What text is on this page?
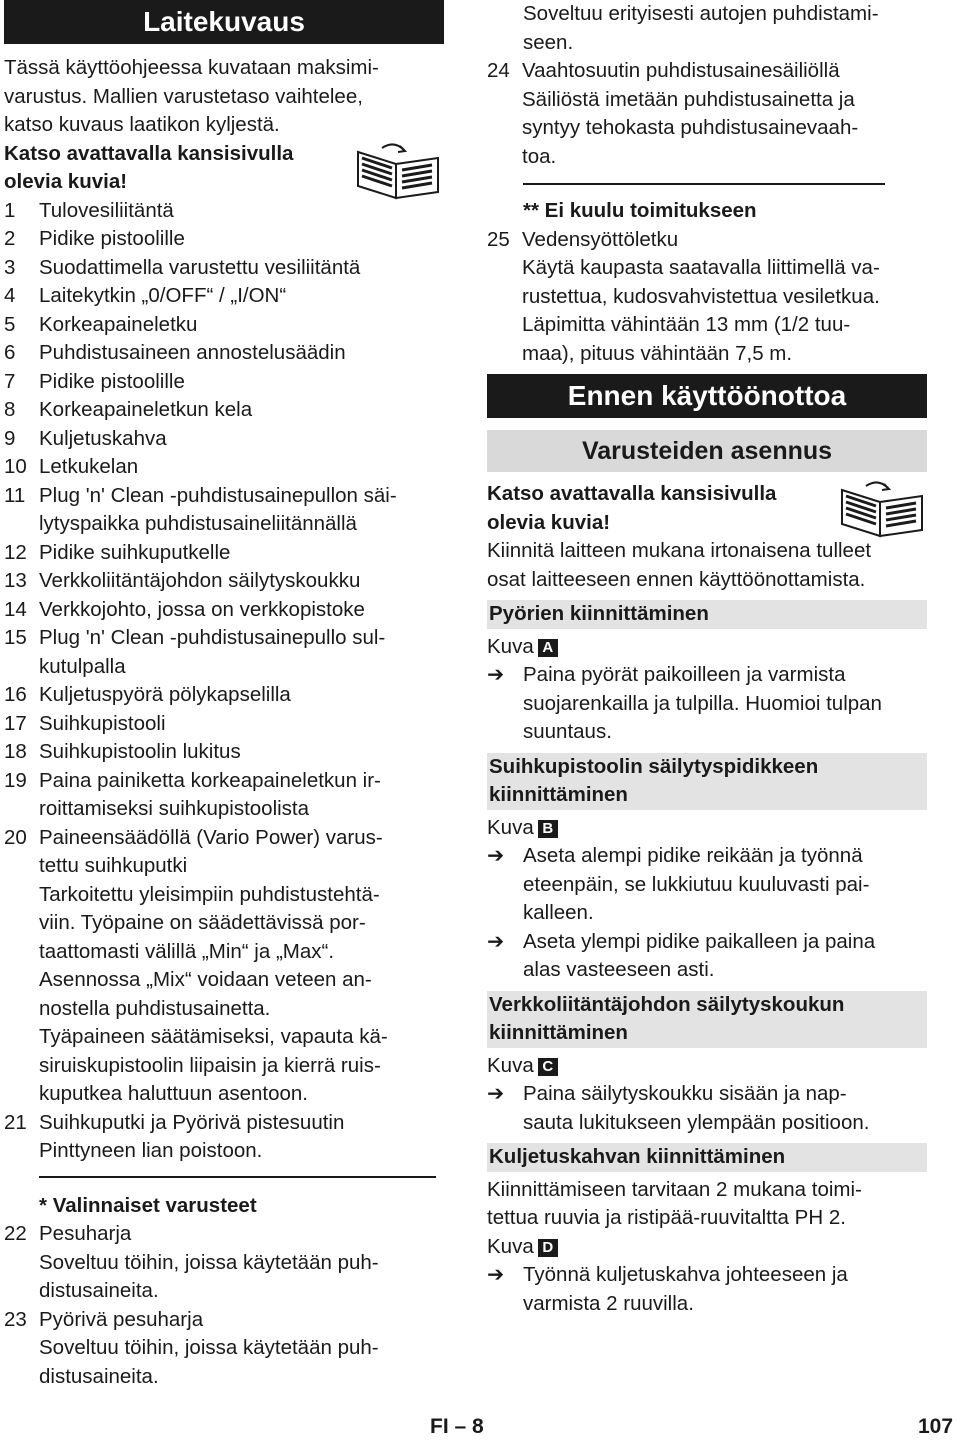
Laitekuvaus

Tässä käyttöohjeessa kuvataan maksimi-

varustus. Mallien varustetaso vaihtelee,

katso kuvaus laatikon kyljestä.

Katso avattavalla kansisivulla

olevia kuvia!

1	Tulovesiliitäntä

2	Pidike pistoolille

3	Suodattimella varustettu vesiliitäntä

4	Laitekytkin „0/OFF“ / „I/ON“

5	Korkeapaineletku

6	Puhdistusaineen annostelusäädin

7	Pidike pistoolille

8	Korkeapaineletkun kela

9	Kuljetuskahva

10 Letkukelan

11 Plug 'n' Clean -puhdistusainepullon säi-

lytyspaikka puhdistusaineliitännällä

12 Pidike suihkuputkelle

13 Verkkoliitäntäjohdon säilytyskoukku

14 Verkkojohto, jossa on verkkopistoke

15 Plug 'n' Clean -puhdistusainepullo sul-

kutulpalla

16 Kuljetuspyörä pölykapselilla

17 Suihkupistooli

18 Suihkupistoolin lukitus

19 Paina painiketta korkeapaineletkun ir-

roittamiseksi suihkupistoolista

20 Paineensäädöllä (Vario Power) varus-

tettu suihkuputki

Tarkoitettu yleisimpiin puhdistustehtä-

viin. Työpaine on säädettävissä por-

taattomasti välillä „Min“ ja „Max“.

Asennossa „Mix“ voidaan veteen an-

nostella puhdistusainetta.

Tyäpaineen säätämiseksi, vapauta kä-

siruiskupistoolin liipaisin ja kierrä ruis-

kuputkea haluttuun asentoon.

21 Suihkuputki ja Pyörivä pistesuutin

Pinttyneen lian poistoon.

* Valinnaiset varusteet
22 Pesuharja

Soveltuu töihin, joissa käytetään puh-

distusaineita.

23 Pyörivä pesuharja

Soveltuu töihin, joissa käytetään puh-

distusaineita.

Soveltuu erityisesti autojen puhdistami-

seen.

24 Vaahtosuutin puhdistusainesäiliöllä

Säiliöstä imetään puhdistusainetta ja

syntyy tehokasta puhdistusainevaah-

toa.

** Ei kuulu toimitukseen
25 Vedensyöttöletku

Käytä kaupasta saatavalla liittimellä va-

rustettua, kudosvahvistettua vesiletkua.

Läpimitta vähintään 13 mm (1/2 tuu-

maa), pituus vähintään 7,5 m.

Ennen käyttöönottoa
Varusteiden asennus

Katso avattavalla kansisivulla

olevia kuvia!

Kiinnitä laitteen mukana irtonaisena tulleet

osat laitteeseen ennen käyttöönottamista.

Pyörien kiinnittäminen

Kuva A

➔ Paina pyörät paikoilleen ja varmista

suojarenkailla ja tulpilla. Huomioi tulpan

suuntaus.

Suihkupistoolin säilytyspidikkeen

kiinnittäminen

Kuva B

➔ Aseta alempi pidike reikään ja työnnä

eteenpäin, se lukkiutuu kuuluvasti pai-

kalleen.

➔ Aseta ylempi pidike paikalleen ja paina

alas vasteeseen asti.

Verkkoliitäntäjohdon säilytyskoukun

kiinnittäminen

Kuva C

➔ Paina säilytyskoukku sisään ja nap-

sauta lukitukseen ylempään positioon.

Kuljetuskahvan kiinnittäminen

Kiinnittämiseen tarvitaan 2 mukana toimi-

tettua ruuvia ja ristipää-ruuvitaltta PH 2.

Kuva D

➔ Työnnä kuljetuskahva johteeseen ja

varmista 2 ruuvilla.

FI – 8	107
